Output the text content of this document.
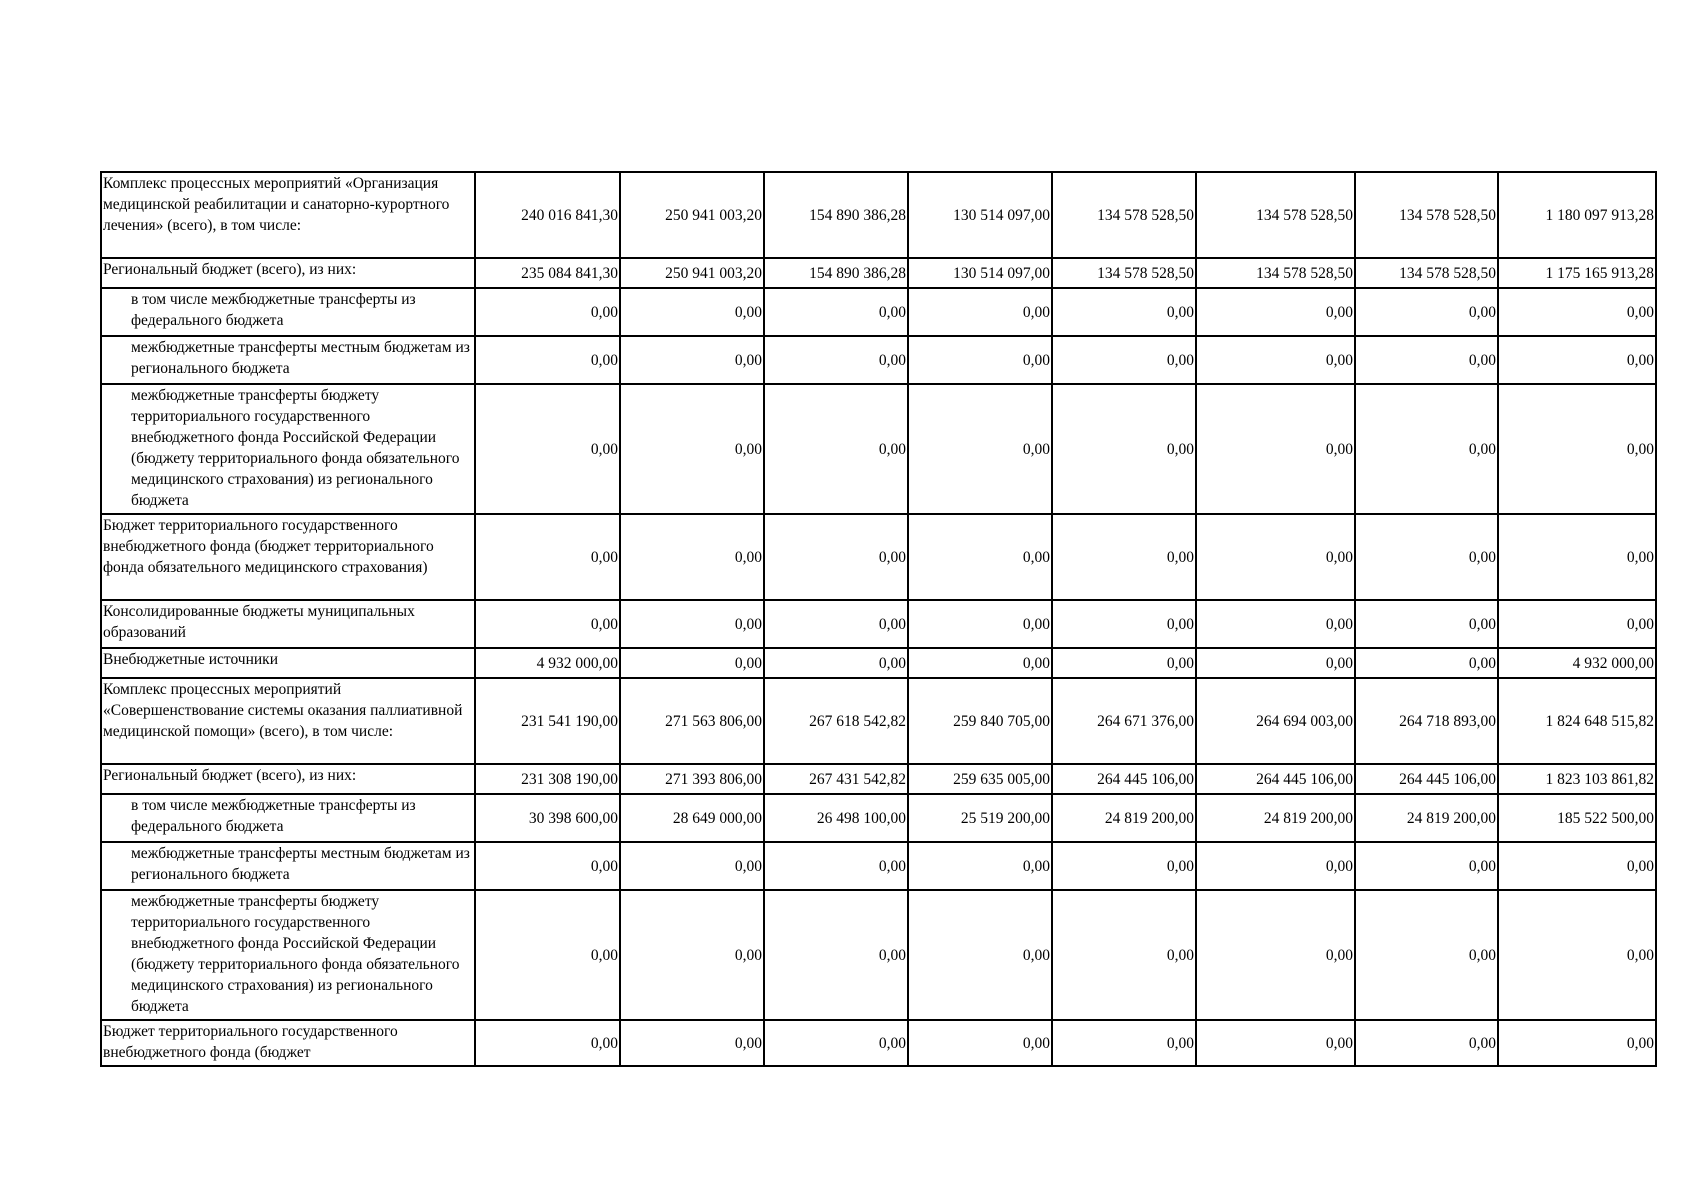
Комплекс процессных мероприятий «Организация медицинской реабилитации и санаторно-курортного лечения» (всего), в том числе:	240 016 841,30	250 941 003,20	154 890 386,28	130 514 097,00	134 578 528,50	134 578 528,50	134 578 528,50	1 180 097 913,28
Региональный бюджет (всего), из них:	235 084 841,30	250 941 003,20	154 890 386,28	130 514 097,00	134 578 528,50	134 578 528,50	134 578 528,50	1 175 165 913,28
в том числе межбюджетные трансферты из федерального бюджета	0,00	0,00	0,00	0,00	0,00	0,00	0,00	0,00
межбюджетные трансферты местным бюджетам из регионального бюджета	0,00	0,00	0,00	0,00	0,00	0,00	0,00	0,00
межбюджетные трансферты бюджету территориального государственного внебюджетного фонда Российской Федерации (бюджету территориального фонда обязательного медицинского страхования) из регионального бюджета	0,00	0,00	0,00	0,00	0,00	0,00	0,00	0,00
Бюджет территориального государственного внебюджетного фонда (бюджет территориального фонда обязательного медицинского страхования)	0,00	0,00	0,00	0,00	0,00	0,00	0,00	0,00
Консолидированные бюджеты муниципальных образований	0,00	0,00	0,00	0,00	0,00	0,00	0,00	0,00
Внебюджетные источники	4 932 000,00	0,00	0,00	0,00	0,00	0,00	0,00	4 932 000,00
Комплекс процессных мероприятий «Совершенствование системы оказания паллиативной медицинской помощи» (всего), в том числе:	231 541 190,00	271 563 806,00	267 618 542,82	259 840 705,00	264 671 376,00	264 694 003,00	264 718 893,00	1 824 648 515,82
Региональный бюджет (всего), из них:	231 308 190,00	271 393 806,00	267 431 542,82	259 635 005,00	264 445 106,00	264 445 106,00	264 445 106,00	1 823 103 861,82
в том числе межбюджетные трансферты из федерального бюджета	30 398 600,00	28 649 000,00	26 498 100,00	25 519 200,00	24 819 200,00	24 819 200,00	24 819 200,00	185 522 500,00
межбюджетные трансферты местным бюджетам из регионального бюджета	0,00	0,00	0,00	0,00	0,00	0,00	0,00	0,00
межбюджетные трансферты бюджету территориального государственного внебюджетного фонда Российской Федерации (бюджету территориального фонда обязательного медицинского страхования) из регионального бюджета	0,00	0,00	0,00	0,00	0,00	0,00	0,00	0,00
Бюджет территориального государственного внебюджетного фонда (бюджет	0,00	0,00	0,00	0,00	0,00	0,00	0,00	0,00
